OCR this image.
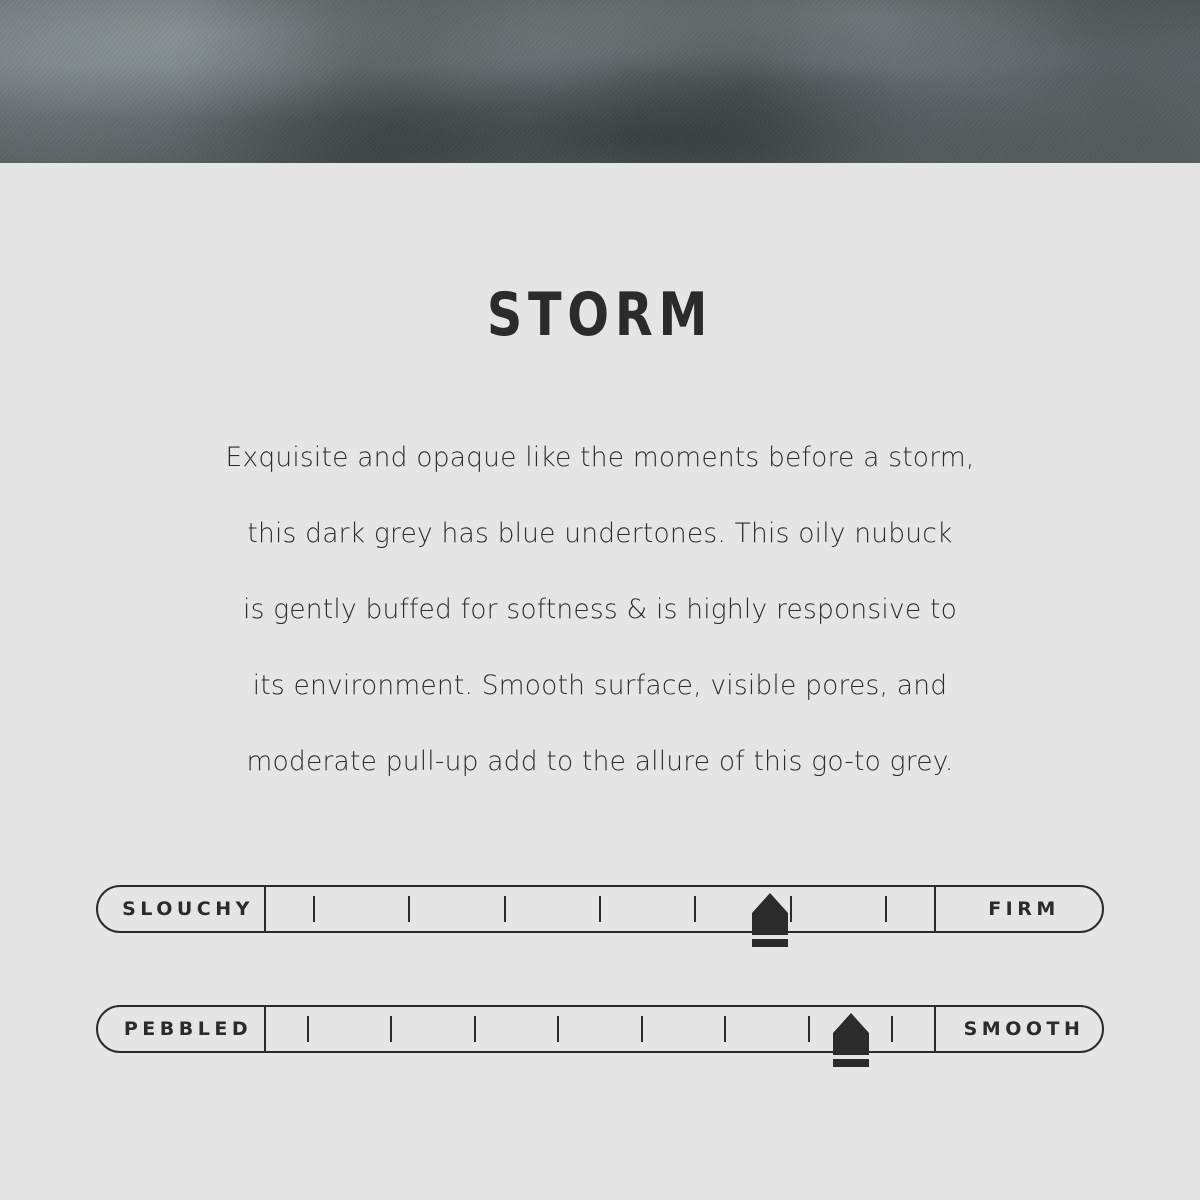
STORM

Exquisite and opaque like the moments before a storm,
this dark grey has blue undertones. This oily nubuck
is gently buffed for softness & is highly responsive to
its environment. Smooth surface, visible pores, and
moderate pull-up add to the allure of this go-to grey.

SLOUCHY	FIRM
PEBBLED	SMOOTH
